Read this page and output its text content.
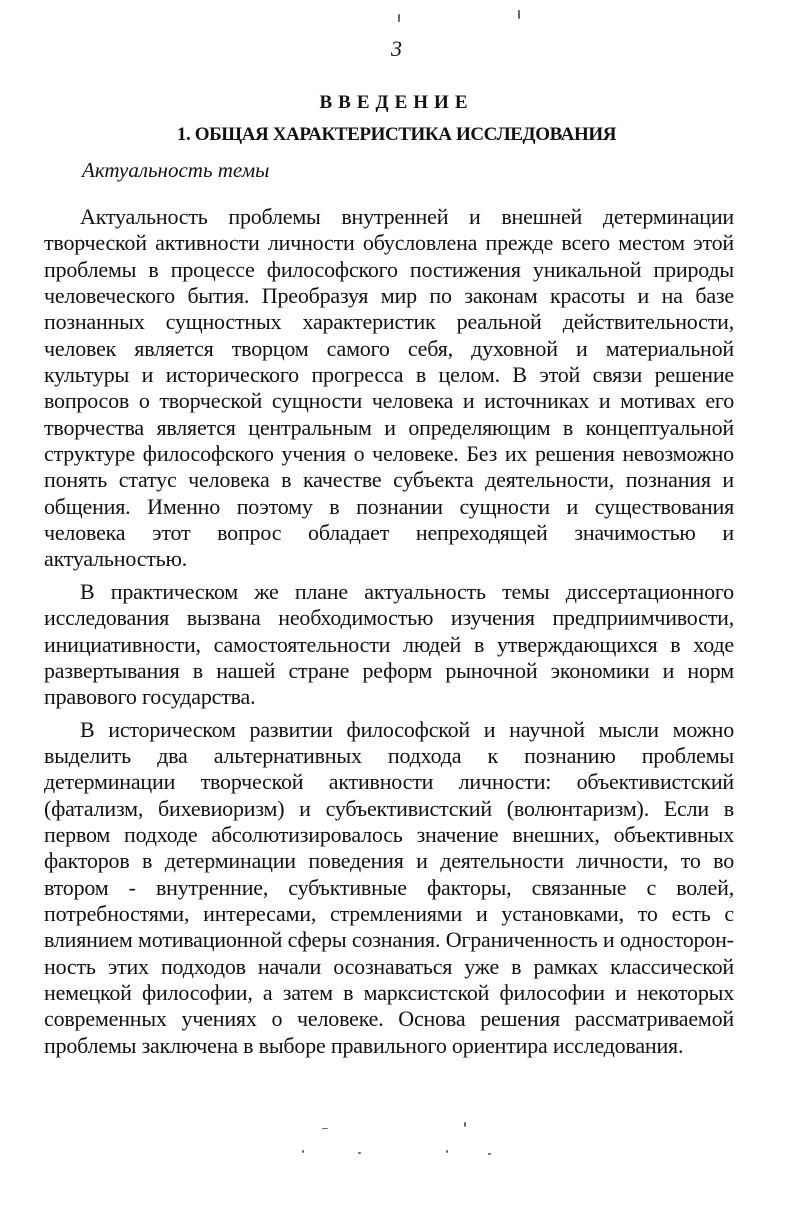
3
ВВЕДЕНИЕ
1. ОБЩАЯ ХАРАКТЕРИСТИКА ИССЛЕДОВАНИЯ
Актуальность темы

Актуальность проблемы внутренней и внешней детерминации творческой активности личности обусловлена прежде всего местом этой проблемы в процессе философского постижения уникальной природы человеческого бытия. Преобразуя мир по законам красоты и на базе познанных сущностных характеристик реальной действительности, человек является творцом самого себя, духовной и материальной культуры и исторического прогресса в целом. В этой связи решение вопросов о творческой сущности человека и источниках и мотивах его творчества является центральным и определяющим в концептуальной структуре философского учения о человеке. Без их решения невозможно понять статус человека в качестве субъекта деятельности, познания и общения. Именно поэтому в познании сущности и существования человека этот вопрос обладает непреходящей значимостью и актуальностью.

В практическом же плане актуальность темы диссертационного исследования вызвана необходимостью изучения предприимчивости, инициативности, самостоятельности людей в утверждающихся в ходе развертывания в нашей стране реформ рыночной экономики и норм правового государства.

В историческом развитии философской и научной мысли можно выделить два альтернативных подхода к познанию проблемы детерминации творческой активности личности: объективистский (фатализм, бихевиоризм) и субъективистский (волюнтаризм). Если в первом подходе абсолютизировалось значение внешних, объективных факторов в детерминации поведения и деятельности личности, то во втором - внутренние, субъктивные факторы, связанные с волей, потребностями, интересами, стремлениями и установками, то есть с влиянием мотивационной сферы сознания. Ограниченность и односторонность этих подходов начали осознаваться уже в рамках классической немецкой философии, а затем в марксистской философии и некоторых современных учениях о человеке. Основа решения рассматриваемой проблемы заключена в выборе правильного ориентира исследования.
